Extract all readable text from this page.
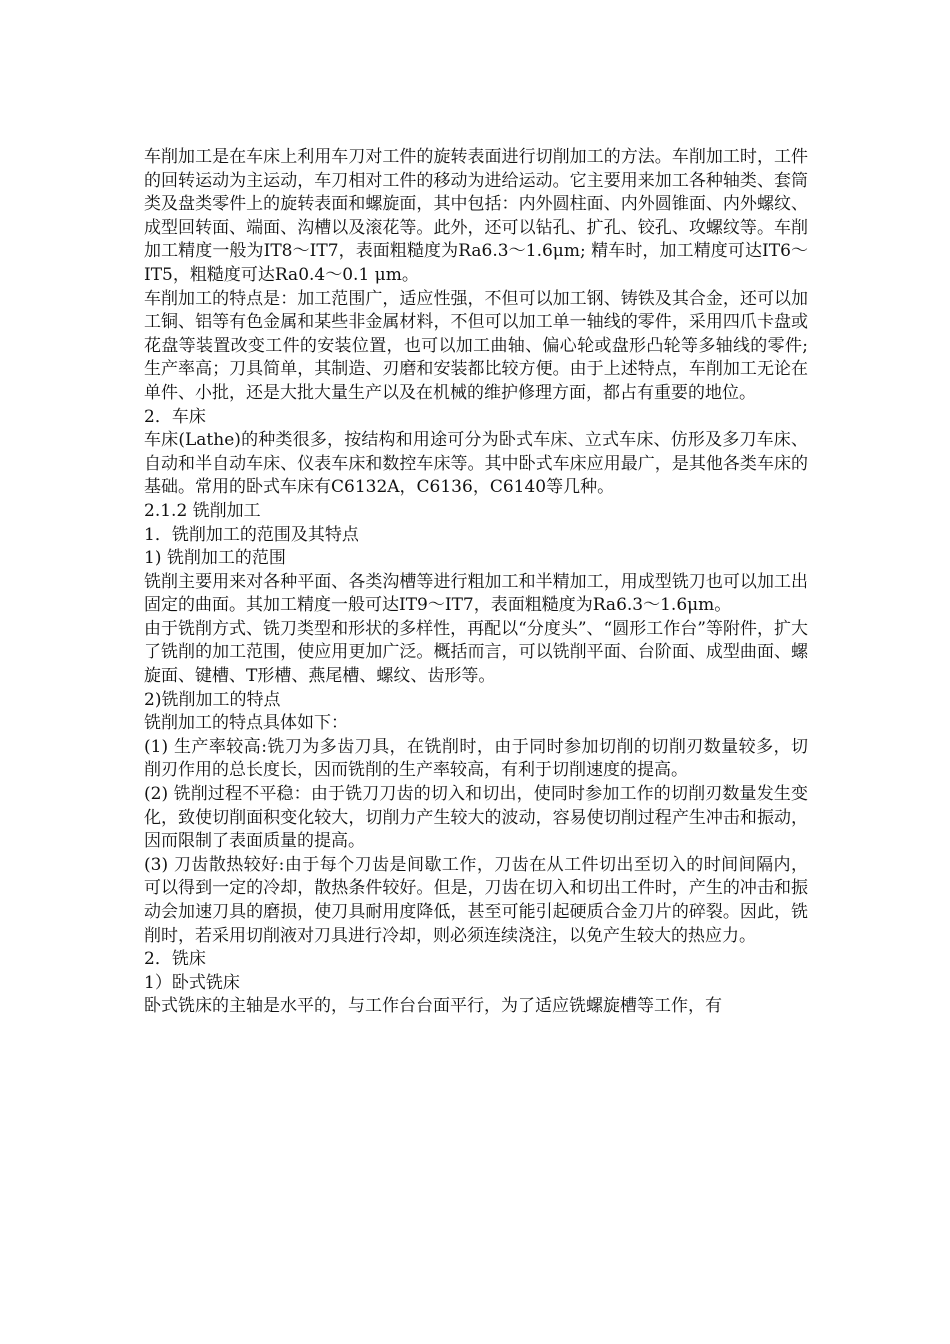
车削加工是在车床上利用车刀对工件的旋转表面进行切削加工的方法。车削加工时，工件的回转运动为主运动，车刀相对工件的移动为进给运动。它主要用来加工各种轴类、套筒类及盘类零件上的旋转表面和螺旋面，其中包括：内外圆柱面、内外圆锥面、内外螺纹、成型回转面、端面、沟槽以及滚花等。此外，还可以钻孔、扩孔、铰孔、攻螺纹等。车削加工精度一般为IT8～IT7，表面粗糙度为Ra6.3～1.6μm; 精车时，加工精度可达IT6～IT5，粗糙度可达Ra0.4～0.1 μm。

车削加工的特点是：加工范围广，适应性强，不但可以加工钢、铸铁及其合金，还可以加工铜、铝等有色金属和某些非金属材料，不但可以加工单一轴线的零件，采用四爪卡盘或花盘等装置改变工件的安装位置，也可以加工曲轴、偏心轮或盘形凸轮等多轴线的零件; 生产率高；刀具简单，其制造、刃磨和安装都比较方便。由于上述特点，车削加工无论在单件、小批，还是大批大量生产以及在机械的维护修理方面，都占有重要的地位。

2．车床

车床(Lathe)的种类很多，按结构和用途可分为卧式车床、立式车床、仿形及多刀车床、自动和半自动车床、仪表车床和数控车床等。其中卧式车床应用最广，是其他各类车床的基础。常用的卧式车床有C6132A，C6136，C6140等几种。

2.1.2 铣削加工

1．铣削加工的范围及其特点

1) 铣削加工的范围

铣削主要用来对各种平面、各类沟槽等进行粗加工和半精加工，用成型铣刀也可以加工出固定的曲面。其加工精度一般可达IT9～IT7，表面粗糙度为Ra6.3～1.6μm。

由于铣削方式、铣刀类型和形状的多样性，再配以“分度头”、“圆形工作台”等附件，扩大了铣削的加工范围，使应用更加广泛。概括而言，可以铣削平面、台阶面、成型曲面、螺旋面、键槽、T形槽、燕尾槽、螺纹、齿形等。

2)铣削加工的特点

铣削加工的特点具体如下：

(1) 生产率较高:铣刀为多齿刀具，在铣削时，由于同时参加切削的切削刃数量较多，切削刃作用的总长度长，因而铣削的生产率较高，有利于切削速度的提高。

(2) 铣削过程不平稳：由于铣刀刀齿的切入和切出，使同时参加工作的切削刃数量发生变化，致使切削面积变化较大，切削力产生较大的波动，容易使切削过程产生冲击和振动，因而限制了表面质量的提高。

(3) 刀齿散热较好:由于每个刀齿是间歇工作，刀齿在从工件切出至切入的时间间隔内，可以得到一定的冷却，散热条件较好。但是，刀齿在切入和切出工件时，产生的冲击和振动会加速刀具的磨损，使刀具耐用度降低，甚至可能引起硬质合金刀片的碎裂。因此，铣削时，若采用切削液对刀具进行冷却，则必须连续浇注，以免产生较大的热应力。

2．铣床

1）卧式铣床

卧式铣床的主轴是水平的，与工作台台面平行，为了适应铣螺旋槽等工作，有
